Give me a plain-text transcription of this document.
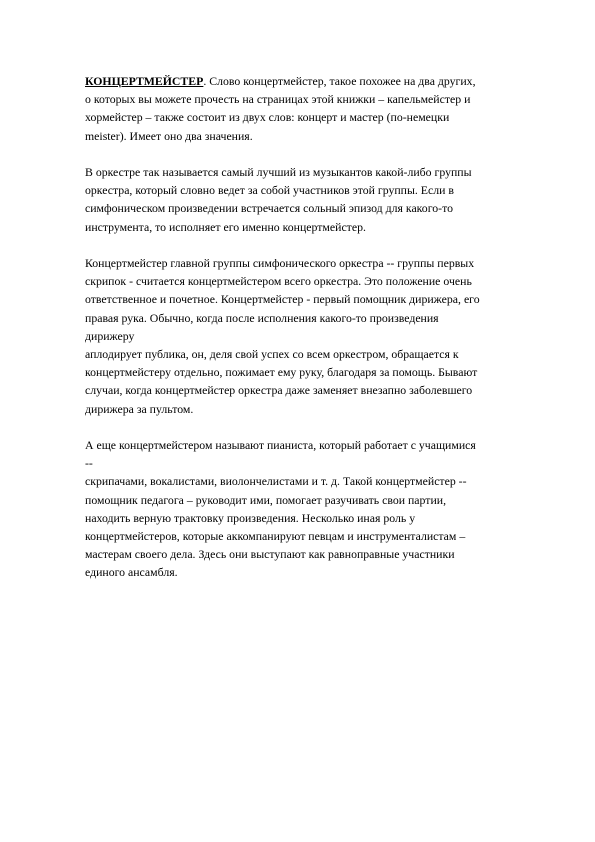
КОНЦЕРТМЕЙСТЕР. Слово концертмейстер, такое похожее на два других,
о которых вы можете прочесть на страницах этой книжки – капельмейстер и
хормейстер – также состоит из двух слов: концерт и мастер (по-немецки
meister). Имеет оно два значения.
В оркестре так называется самый лучший из музыкантов какой-либо группы
оркестра, который словно ведет за собой участников этой группы. Если в
симфоническом произведении встречается сольный эпизод для какого-то
инструмента, то исполняет его именно концертмейстер.
Концертмейстер главной группы симфонического оркестра -- группы первых
скрипок - считается концертмейстером всего оркестра. Это положение очень
ответственное и почетное. Концертмейстер - первый помощник дирижера, его
правая рука. Обычно, когда после исполнения какого-то произведения
дирижеру
аплодирует публика, он, деля свой успех со всем оркестром, обращается к
концертмейстеру отдельно, пожимает ему руку, благодаря за помощь. Бывают
случаи, когда концертмейстер оркестра даже заменяет внезапно заболевшего
дирижера за пультом.
А еще концертмейстером называют пианиста, который работает с учащимися
--
скрипачами, вокалистами, виолончелистами и т. д. Такой концертмейстер --
помощник педагога – руководит ими, помогает разучивать свои партии,
находить верную трактовку произведения. Несколько иная роль у
концертмейстеров, которые аккомпанируют певцам и инструменталистам –
мастерам своего дела. Здесь они выступают как равноправные участники
единого ансамбля.
